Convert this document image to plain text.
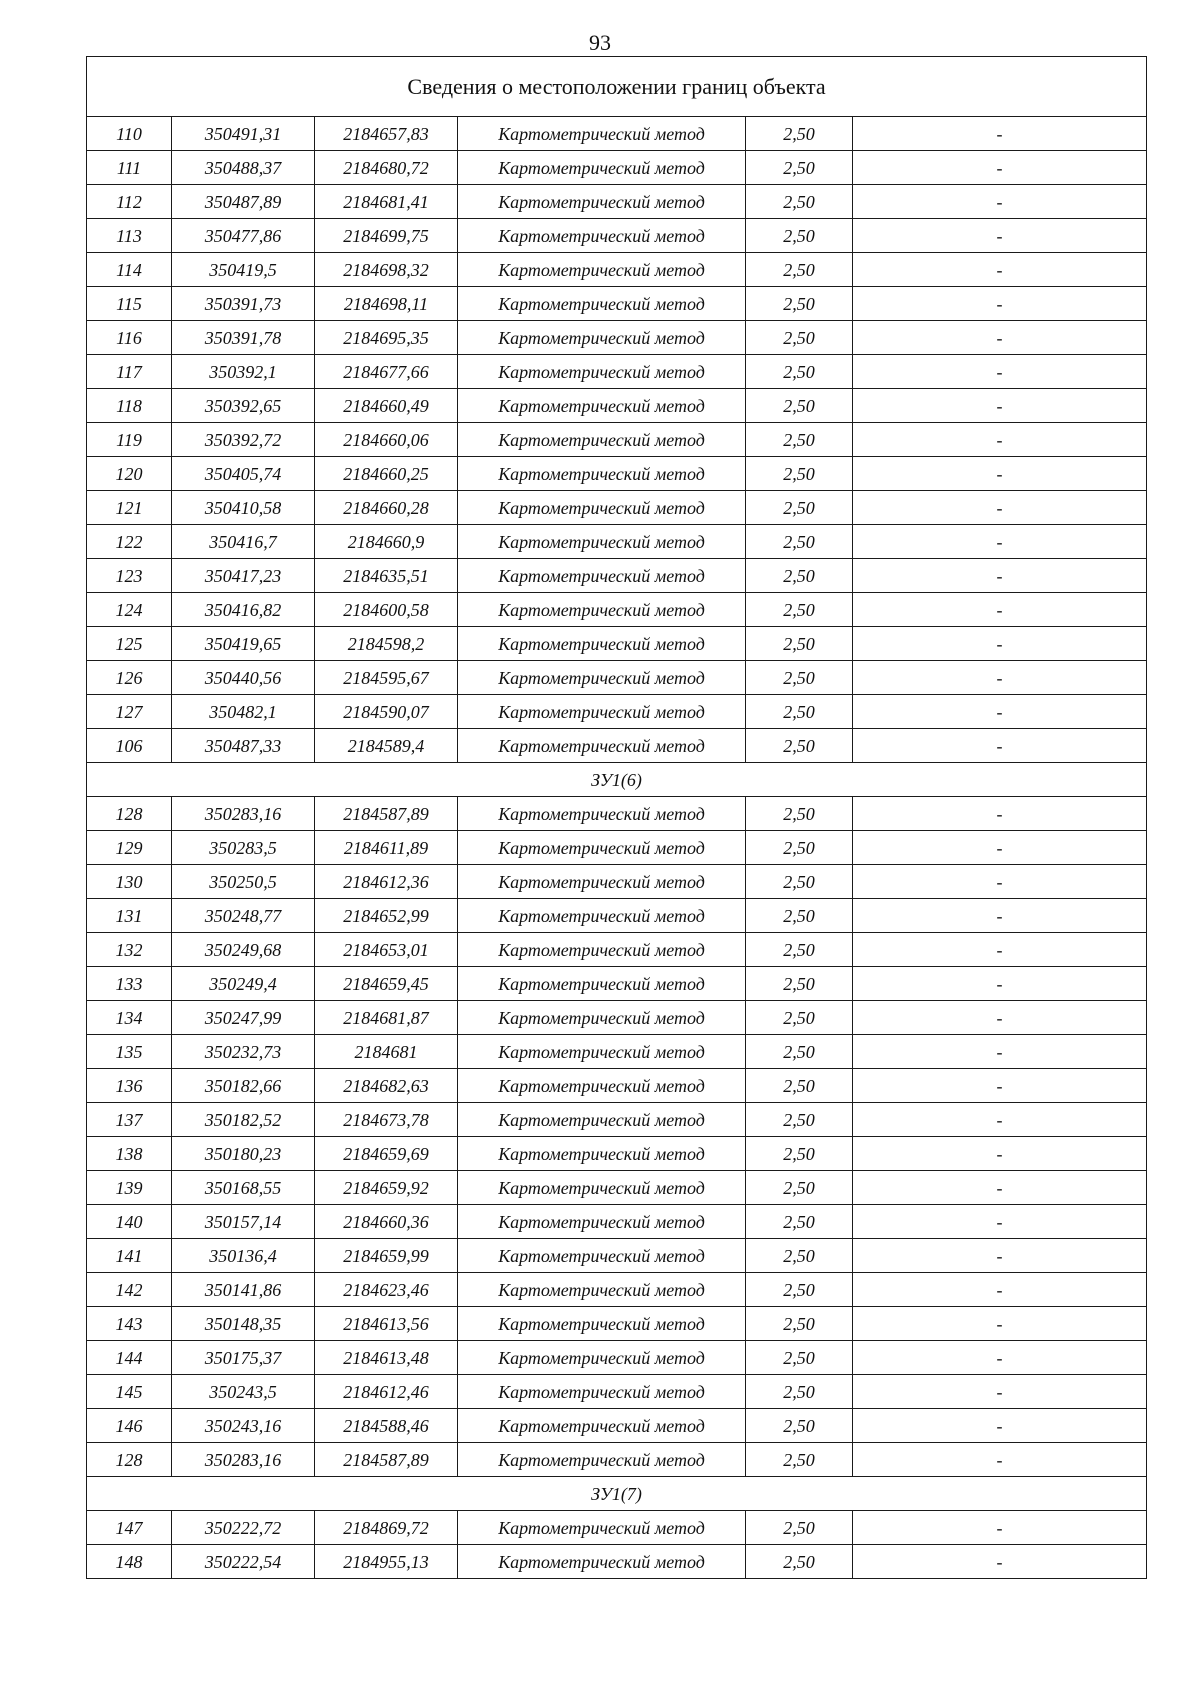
93
Сведения о местоположении границ объекта					
110	350491,31	2184657,83	Картометрический метод	2,50	-
111	350488,37	2184680,72	Картометрический метод	2,50	-
112	350487,89	2184681,41	Картометрический метод	2,50	-
113	350477,86	2184699,75	Картометрический метод	2,50	-
114	350419,5	2184698,32	Картометрический метод	2,50	-
115	350391,73	2184698,11	Картометрический метод	2,50	-
116	350391,78	2184695,35	Картометрический метод	2,50	-
117	350392,1	2184677,66	Картометрический метод	2,50	-
118	350392,65	2184660,49	Картометрический метод	2,50	-
119	350392,72	2184660,06	Картометрический метод	2,50	-
120	350405,74	2184660,25	Картометрический метод	2,50	-
121	350410,58	2184660,28	Картометрический метод	2,50	-
122	350416,7	2184660,9	Картометрический метод	2,50	-
123	350417,23	2184635,51	Картометрический метод	2,50	-
124	350416,82	2184600,58	Картометрический метод	2,50	-
125	350419,65	2184598,2	Картометрический метод	2,50	-
126	350440,56	2184595,67	Картометрический метод	2,50	-
127	350482,1	2184590,07	Картометрический метод	2,50	-
106	350487,33	2184589,4	Картометрический метод	2,50	-
ЗУ1(6)					
128	350283,16	2184587,89	Картометрический метод	2,50	-
129	350283,5	2184611,89	Картометрический метод	2,50	-
130	350250,5	2184612,36	Картометрический метод	2,50	-
131	350248,77	2184652,99	Картометрический метод	2,50	-
132	350249,68	2184653,01	Картометрический метод	2,50	-
133	350249,4	2184659,45	Картометрический метод	2,50	-
134	350247,99	2184681,87	Картометрический метод	2,50	-
135	350232,73	2184681	Картометрический метод	2,50	-
136	350182,66	2184682,63	Картометрический метод	2,50	-
137	350182,52	2184673,78	Картометрический метод	2,50	-
138	350180,23	2184659,69	Картометрический метод	2,50	-
139	350168,55	2184659,92	Картометрический метод	2,50	-
140	350157,14	2184660,36	Картометрический метод	2,50	-
141	350136,4	2184659,99	Картометрический метод	2,50	-
142	350141,86	2184623,46	Картометрический метод	2,50	-
143	350148,35	2184613,56	Картометрический метод	2,50	-
144	350175,37	2184613,48	Картометрический метод	2,50	-
145	350243,5	2184612,46	Картометрический метод	2,50	-
146	350243,16	2184588,46	Картометрический метод	2,50	-
128	350283,16	2184587,89	Картометрический метод	2,50	-
ЗУ1(7)					
147	350222,72	2184869,72	Картометрический метод	2,50	-
148	350222,54	2184955,13	Картометрический метод	2,50	-
